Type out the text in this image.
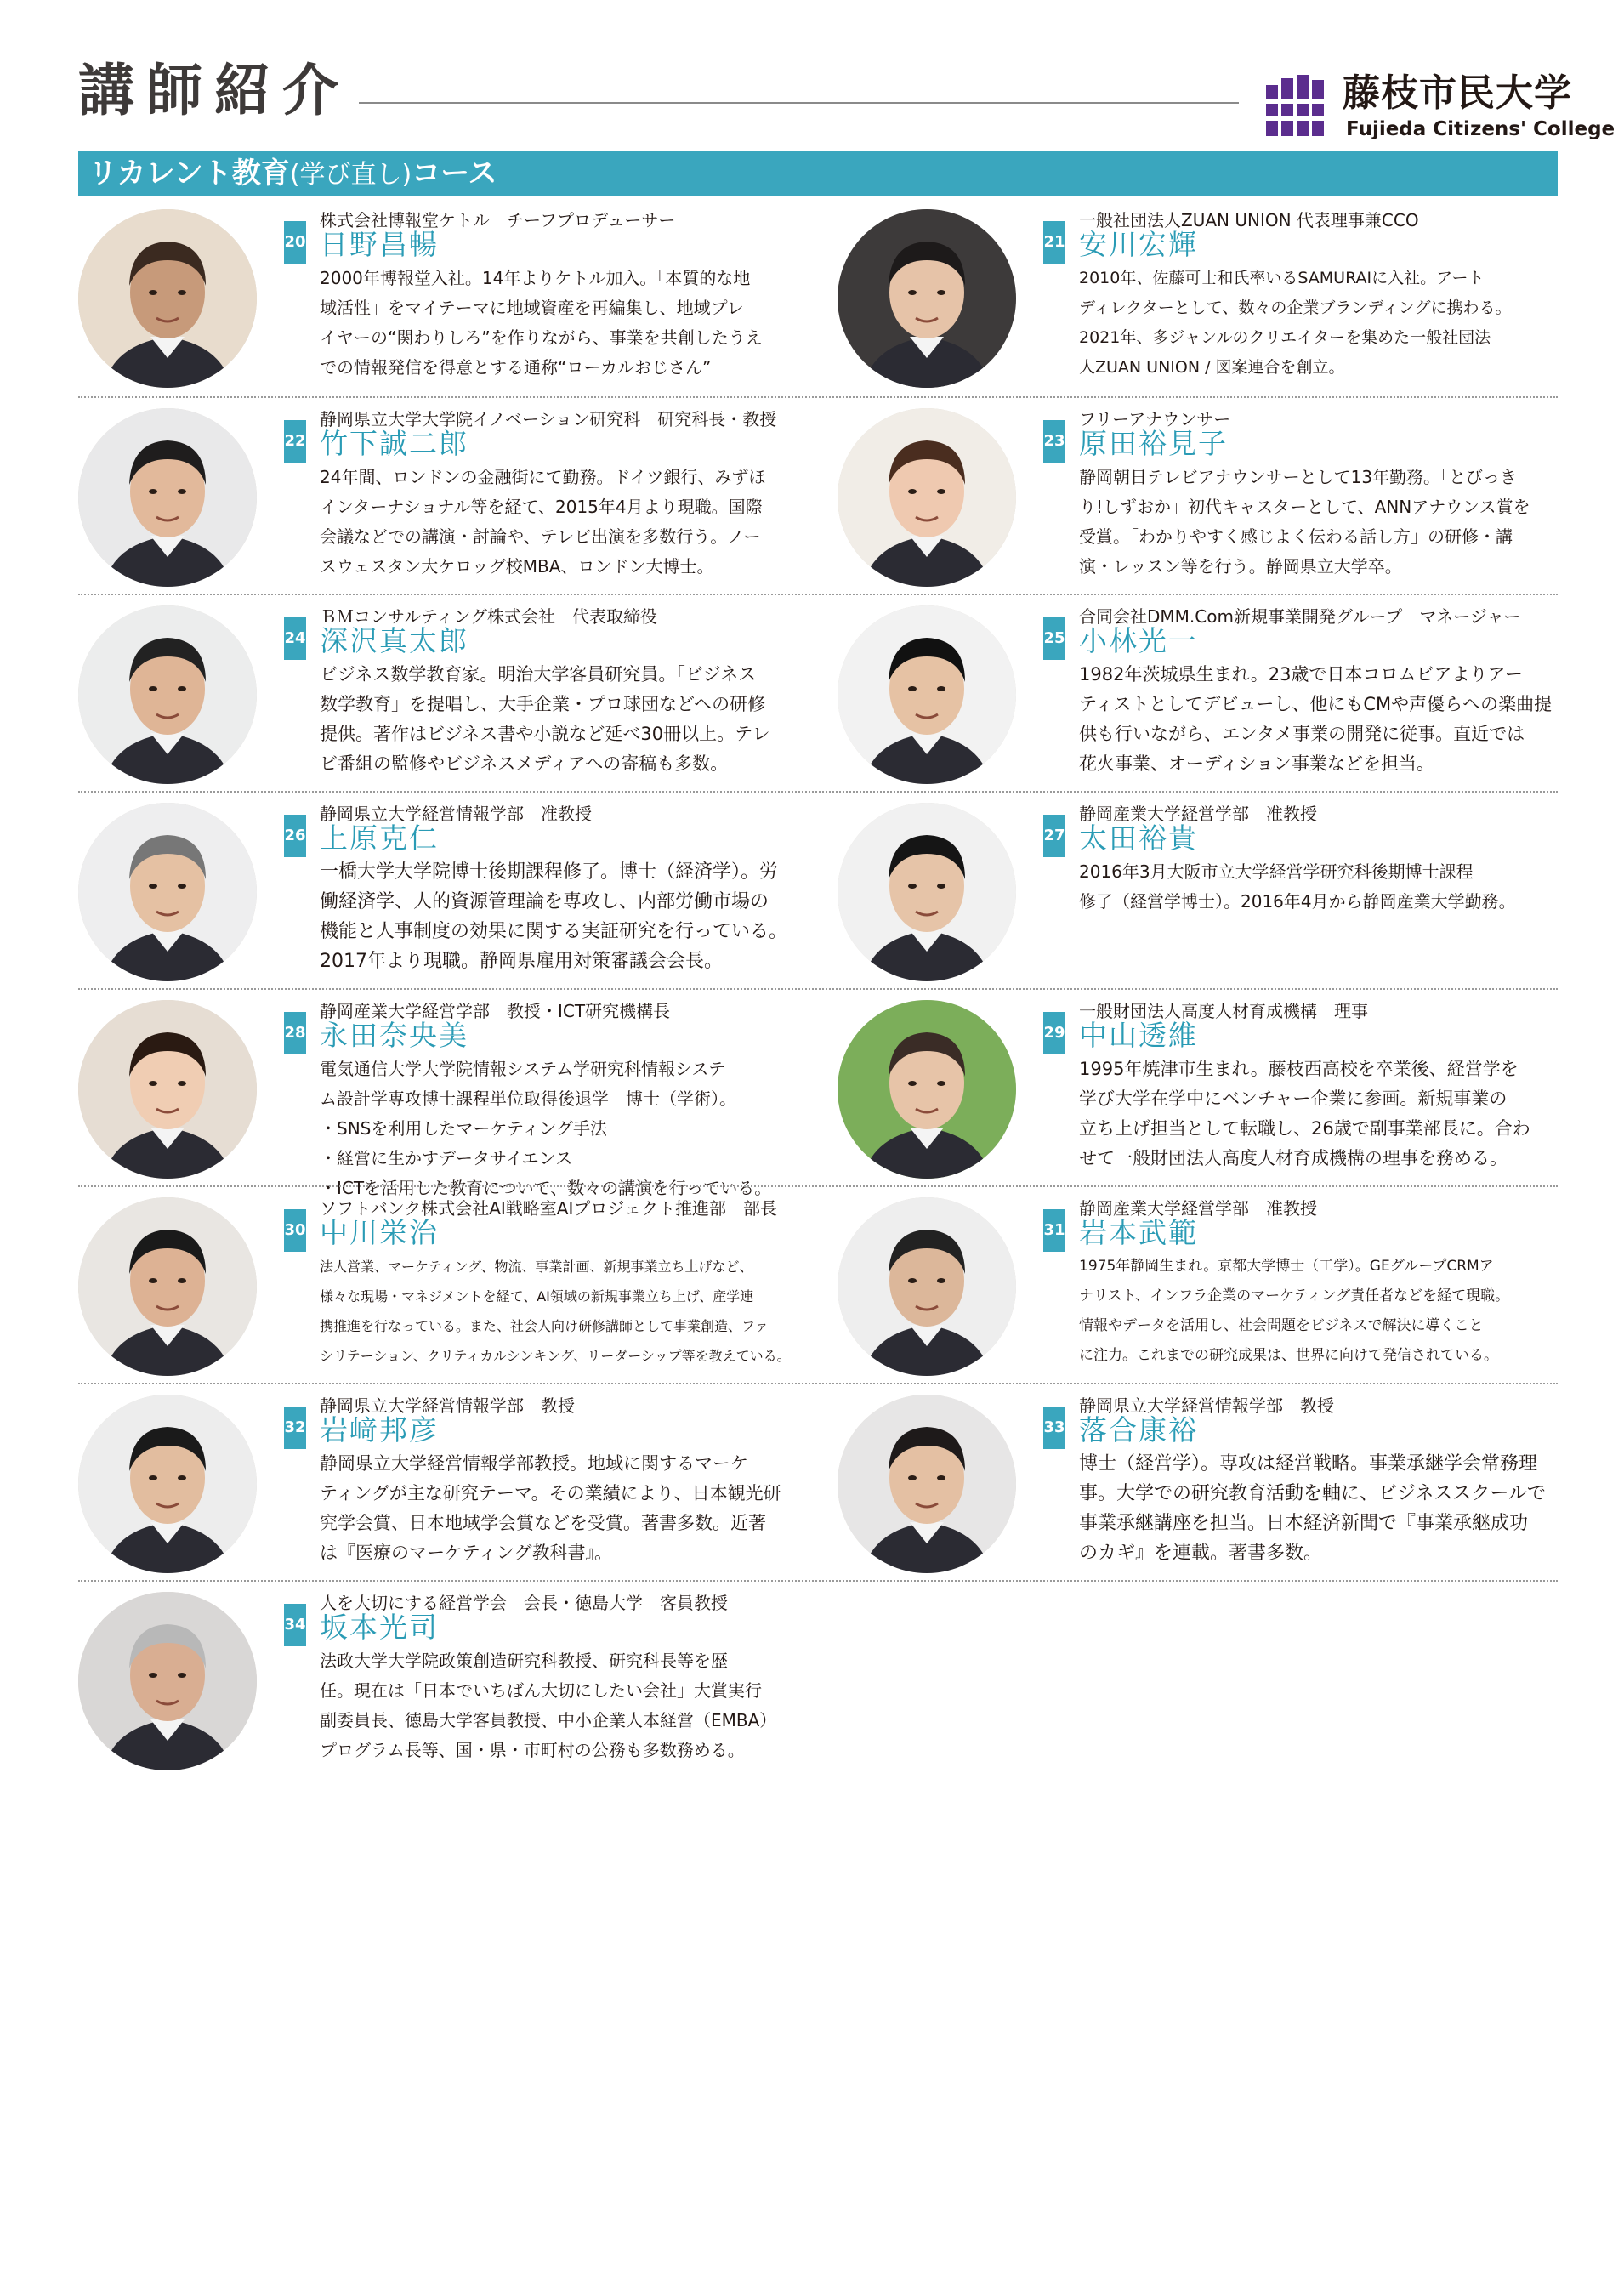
講師紹介	藤枝市民大学
Fujieda Citizens' College
リカレント教育(学び直し)コース
20
株式会社博報堂ケトル　チーフプロデューサー
日野昌暢

2000年博報堂入社。14年よりケトル加入。「本質的な地

域活性」をマイテーマに地域資産を再編集し、地域プレ

イヤーの“関わりしろ”を作りながら、事業を共創したうえ

での情報発信を得意とする通称“ローカルおじさん”

21
一般社団法人ZUAN UNION 代表理事兼CCO
安川宏輝

2010年、佐藤可士和氏率いるSAMURAIに入社。アート

ディレクターとして、数々の企業ブランディングに携わる。

2021年、多ジャンルのクリエイターを集めた一般社団法

人ZUAN UNION / 図案連合を創立。

22
静岡県立大学大学院イノベーション研究科　研究科長・教授
竹下誠二郎

24年間、ロンドンの金融街にて勤務。ドイツ銀行、みずほ

インターナショナル等を経て、2015年4月より現職。国際

会議などでの講演・討論や、テレビ出演を多数行う。ノー

スウェスタン大ケロッグ校MBA、ロンドン大博士。

23
フリーアナウンサー
原田裕見子

静岡朝日テレビアナウンサーとして13年勤務。「とびっき

り!しずおか」初代キャスターとして、ANNアナウンス賞を

受賞。「わかりやすく感じよく伝わる話し方」の研修・講

演・レッスン等を行う。静岡県立大学卒。

24
ＢＭコンサルティング株式会社　代表取締役
深沢真太郎

ビジネス数学教育家。明治大学客員研究員。「ビジネス

数学教育」を提唱し、大手企業・プロ球団などへの研修

提供。著作はビジネス書や小説など延べ30冊以上。テレ

ビ番組の監修やビジネスメディアへの寄稿も多数。

25
合同会社DMM.Com新規事業開発グループ　マネージャー
小林光一

1982年茨城県生まれ。23歳で日本コロムビアよりアー

ティストとしてデビューし、他にもCMや声優らへの楽曲提

供も行いながら、エンタメ事業の開発に従事。直近では

花火事業、オーディション事業などを担当。

26
静岡県立大学経営情報学部　准教授
上原克仁

一橋大学大学院博士後期課程修了。博士（経済学）。労

働経済学、人的資源管理論を専攻し、内部労働市場の

機能と人事制度の効果に関する実証研究を行っている。

2017年より現職。静岡県雇用対策審議会会長。

27
静岡産業大学経営学部　准教授
太田裕貴

2016年3月大阪市立大学経営学研究科後期博士課程

修了（経営学博士）。2016年4月から静岡産業大学勤務。

28
静岡産業大学経営学部　教授・ICT研究機構長
永田奈央美

電気通信大学大学院情報システム学研究科情報システ

ム設計学専攻博士課程単位取得後退学　博士（学術）。

・SNSを利用したマーケティング手法

・経営に生かすデータサイエンス

・ICTを活用した教育について、数々の講演を行っている。

29
一般財団法人高度人材育成機構　理事
中山透維

1995年焼津市生まれ。藤枝西高校を卒業後、経営学を

学び大学在学中にベンチャー企業に参画。新規事業の

立ち上げ担当として転職し、26歳で副事業部長に。合わ

せて一般財団法人高度人材育成機構の理事を務める。

30
ソフトバンク株式会社AI戦略室AIプロジェクト推進部　部長
中川栄治

法人営業、マーケティング、物流、事業計画、新規事業立ち上げなど、

様々な現場・マネジメントを経て、AI領域の新規事業立ち上げ、産学連

携推進を行なっている。また、社会人向け研修講師として事業創造、ファ

シリテーション、クリティカルシンキング、リーダーシップ等を教えている。

31
静岡産業大学経営学部　准教授
岩本武範

1975年静岡生まれ。京都大学博士（工学）。GEグループCRMア

ナリスト、インフラ企業のマーケティング責任者などを経て現職。

情報やデータを活用し、社会問題をビジネスで解決に導くこと

に注力。これまでの研究成果は、世界に向けて発信されている。

32
静岡県立大学経営情報学部　教授
岩﨑邦彦

静岡県立大学経営情報学部教授。地域に関するマーケ

ティングが主な研究テーマ。その業績により、日本観光研

究学会賞、日本地域学会賞などを受賞。著書多数。近著

は『医療のマーケティング教科書』。

33
静岡県立大学経営情報学部　教授
落合康裕

博士（経営学）。専攻は経営戦略。事業承継学会常務理

事。大学での研究教育活動を軸に、ビジネススクールで

事業承継講座を担当。日本経済新聞で『事業承継成功

のカギ』を連載。著書多数。

34
人を大切にする経営学会　会長・徳島大学　客員教授
坂本光司

法政大学大学院政策創造研究科教授、研究科長等を歴

任。現在は「日本でいちばん大切にしたい会社」大賞実行

副委員長、徳島大学客員教授、中小企業人本経営（EMBA）

プログラム長等、国・県・市町村の公務も多数務める。
